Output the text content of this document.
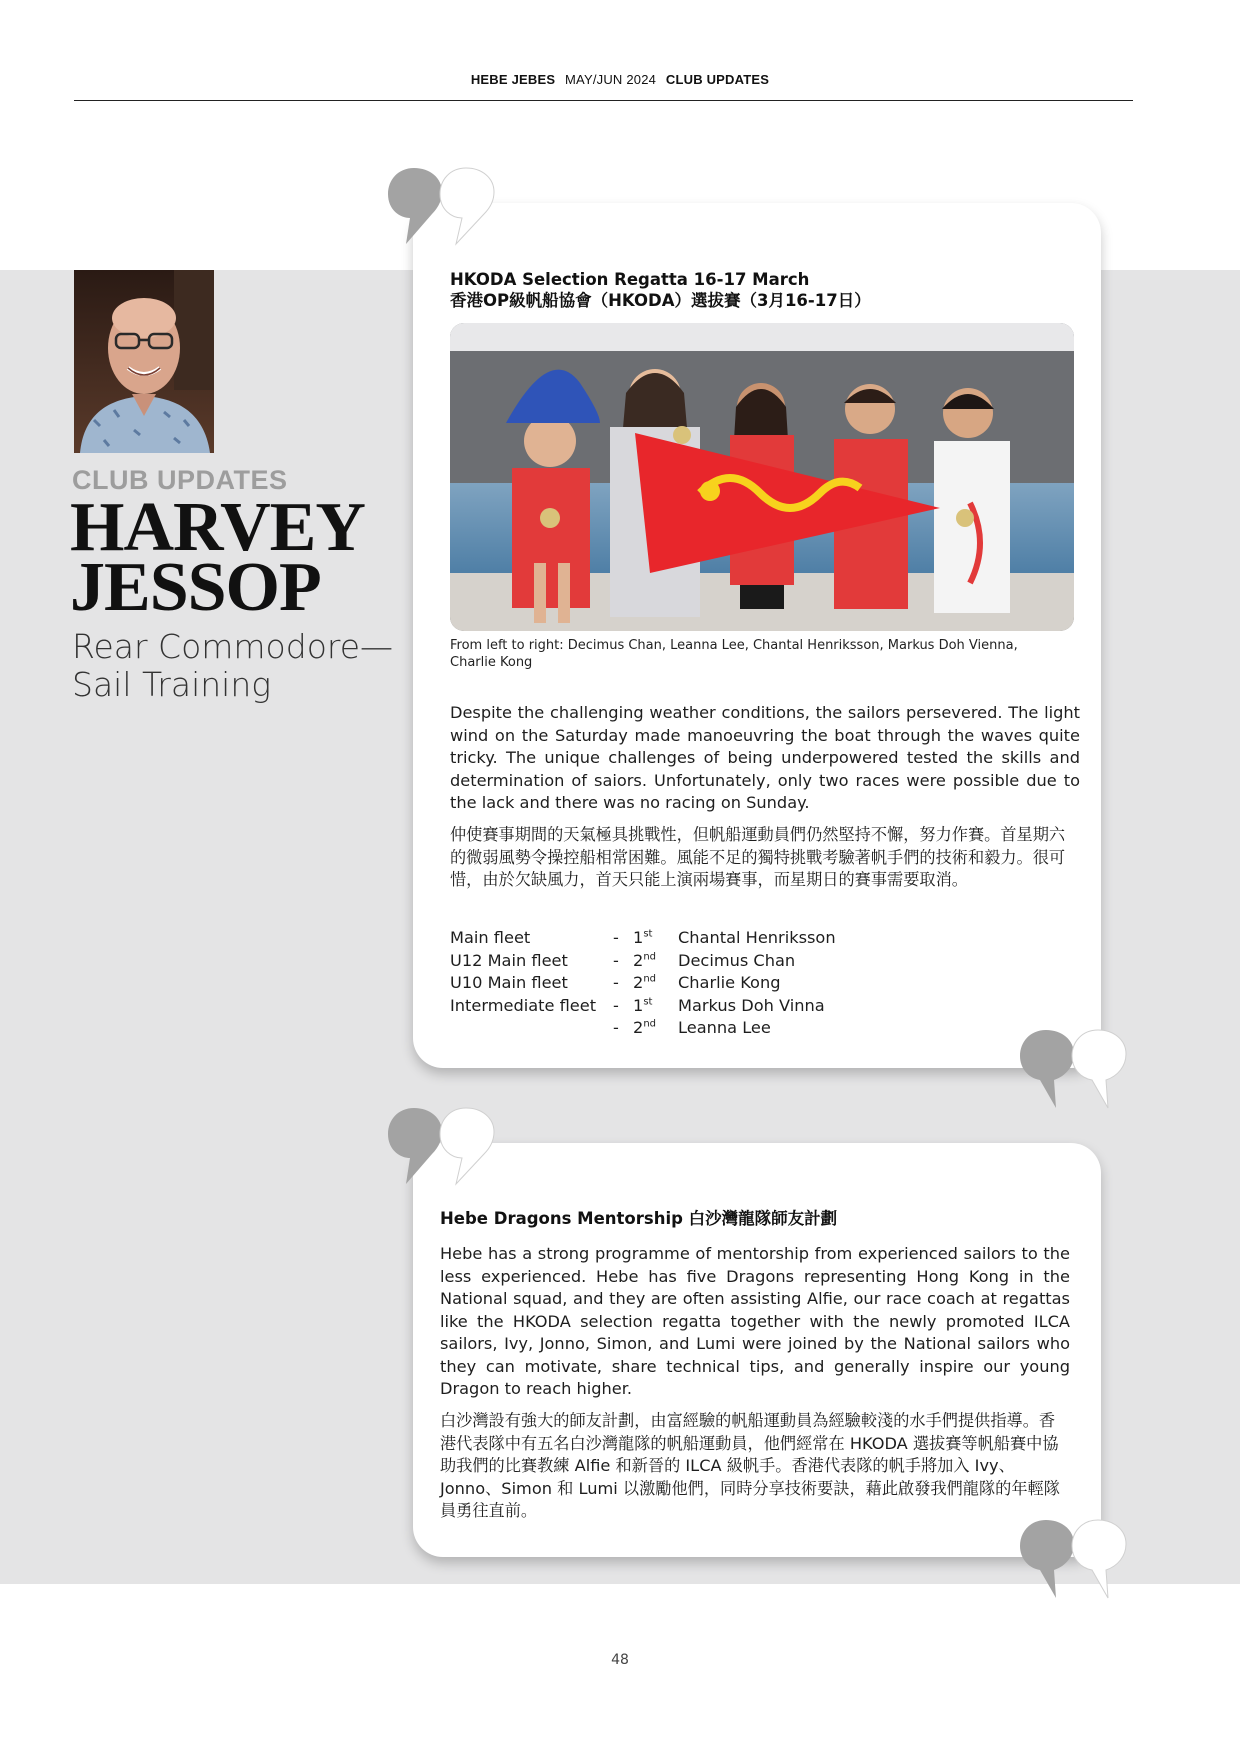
HEBE JEBES MAY/JUN 2024 CLUB UPDATES
CLUB UPDATES
HARVEY
JESSOP
Rear Commodore—
Sail Training
HKODA Selection Regatta 16-17 March
香港OP級帆船協會（HKODA）選拔賽（3月16-17日）
From left to right: Decimus Chan, Leanna Lee, Chantal Henriksson, Markus Doh Vienna,
Charlie Kong
Despite the challenging weather conditions, the sailors persevered. The light wind on the Saturday made manoeuvring the boat through the waves quite tricky. The unique challenges of being underpowered tested the skills and determination of saiors. Unfortunately, only two races were possible due to the lack and there was no racing on Sunday.
仲使賽事期間的天氣極具挑戰性，但帆船運動員們仍然堅持不懈，努力作賽。首星期六的微弱風勢令操控船相常困難。風能不足的獨特挑戰考驗著帆手們的技術和毅力。很可惜，由於欠缺風力，首天只能上演兩場賽事，而星期日的賽事需要取消。
Main fleet	-	1st	Chantal Henriksson
U12 Main fleet	-	2nd	Decimus Chan
U10 Main fleet	-	2nd	Charlie Kong
Intermediate fleet	-	1st	Markus Doh Vinna
	-	2nd	Leanna Lee
Hebe Dragons Mentorship 白沙灣龍隊師友計劃
Hebe has a strong programme of mentorship from experienced sailors to the less experienced. Hebe has five Dragons representing Hong Kong in the National squad, and they are often assisting Alfie, our race coach at regattas like the HKODA selection regatta together with the newly promoted ILCA sailors, Ivy, Jonno, Simon, and Lumi were joined by the National sailors who they can motivate, share technical tips, and generally inspire our young Dragon to reach higher.
白沙灣設有強大的師友計劃，由富經驗的帆船運動員為經驗較淺的水手們提供指導。香港代表隊中有五名白沙灣龍隊的帆船運動員，他們經常在 HKODA 選拔賽等帆船賽中協助我們的比賽教練 Alfie 和新晉的 ILCA 級帆手。香港代表隊的帆手將加入 Ivy、Jonno、Simon 和 Lumi 以激勵他們，同時分享技術要訣，藉此啟發我們龍隊的年輕隊員勇往直前。
48
